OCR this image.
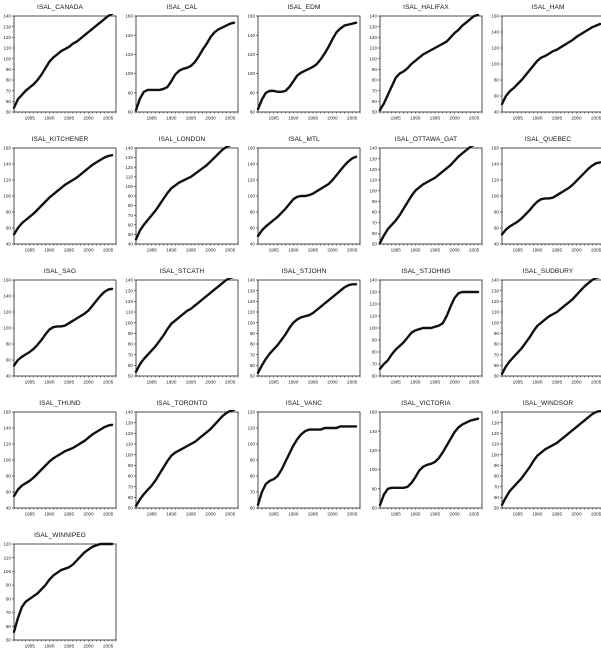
ISAL_CANADA
50
60
70
80
90
100
110
120
130
140
1985 1990 1995 2000 2005
ISAL_CAL
60
80
100
120
140
160
1985 1990 1995 2000 2005
ISAL_EDM
60
80
100
120
140
160
1985 1990 1995 2000 2005
ISAL_HALIFAX
50
60
70
80
90
100
110
120
130
140
1985 1990 1995 2000 2005
ISAL_HAM
40
60
80
100
120
140
160
1985 1990 1995 2000 2005
ISAL_KITCHENER
40
60
80
100
120
140
160
1985 1990 1995 2000 2005
ISAL_LONDON
40
50
60
70
80
90
100
110
120
130
140
1985 1990 1995 2000 2005
ISAL_MTL
40
60
80
100
120
140
160
1985 1990 1995 2000 2005
ISAL_OTTAWA_GAT
50
60
70
80
90
100
110
120
130
140
1985 1990 1995 2000 2005
ISAL_QUEBEC
40
60
80
100
120
140
160
1985 1990 1995 2000 2005
ISAL_SAG
40
60
80
100
120
140
160
1985 1990 1995 2000 2005
ISAL_STCATH
50
60
70
80
90
100
110
120
130
140
1985 1990 1995 2000 2005
ISAL_STJOHN
50
60
70
80
90
100
110
120
130
140
1985 1990 1995 2000 2005
ISAL_STJOHNS
60
70
80
90
100
110
120
130
140
1985 1990 1995 2000 2005
ISAL_SUDBURY
50
60
70
80
90
100
110
120
130
140
1985 1990 1995 2000 2005
ISAL_THUND
40
60
80
100
120
140
160
1985 1990 1995 2000 2005
ISAL_TORONTO
50
60
70
80
90
100
110
120
130
140
1985 1990 1995 2000 2005
ISAL_VANC
60
70
80
90
100
110
120
1985 1990 1995 2000 2005
ISAL_VICTORIA
60
80
100
120
140
160
1985 1990 1995 2000 2005
ISAL_WINDSOR
50
60
70
80
90
100
110
120
130
140
1985 1990 1995 2000 2005
ISAL_WINNIPEG
50
60
70
80
90
100
110
120
1985 1990 1995 2000 2005
